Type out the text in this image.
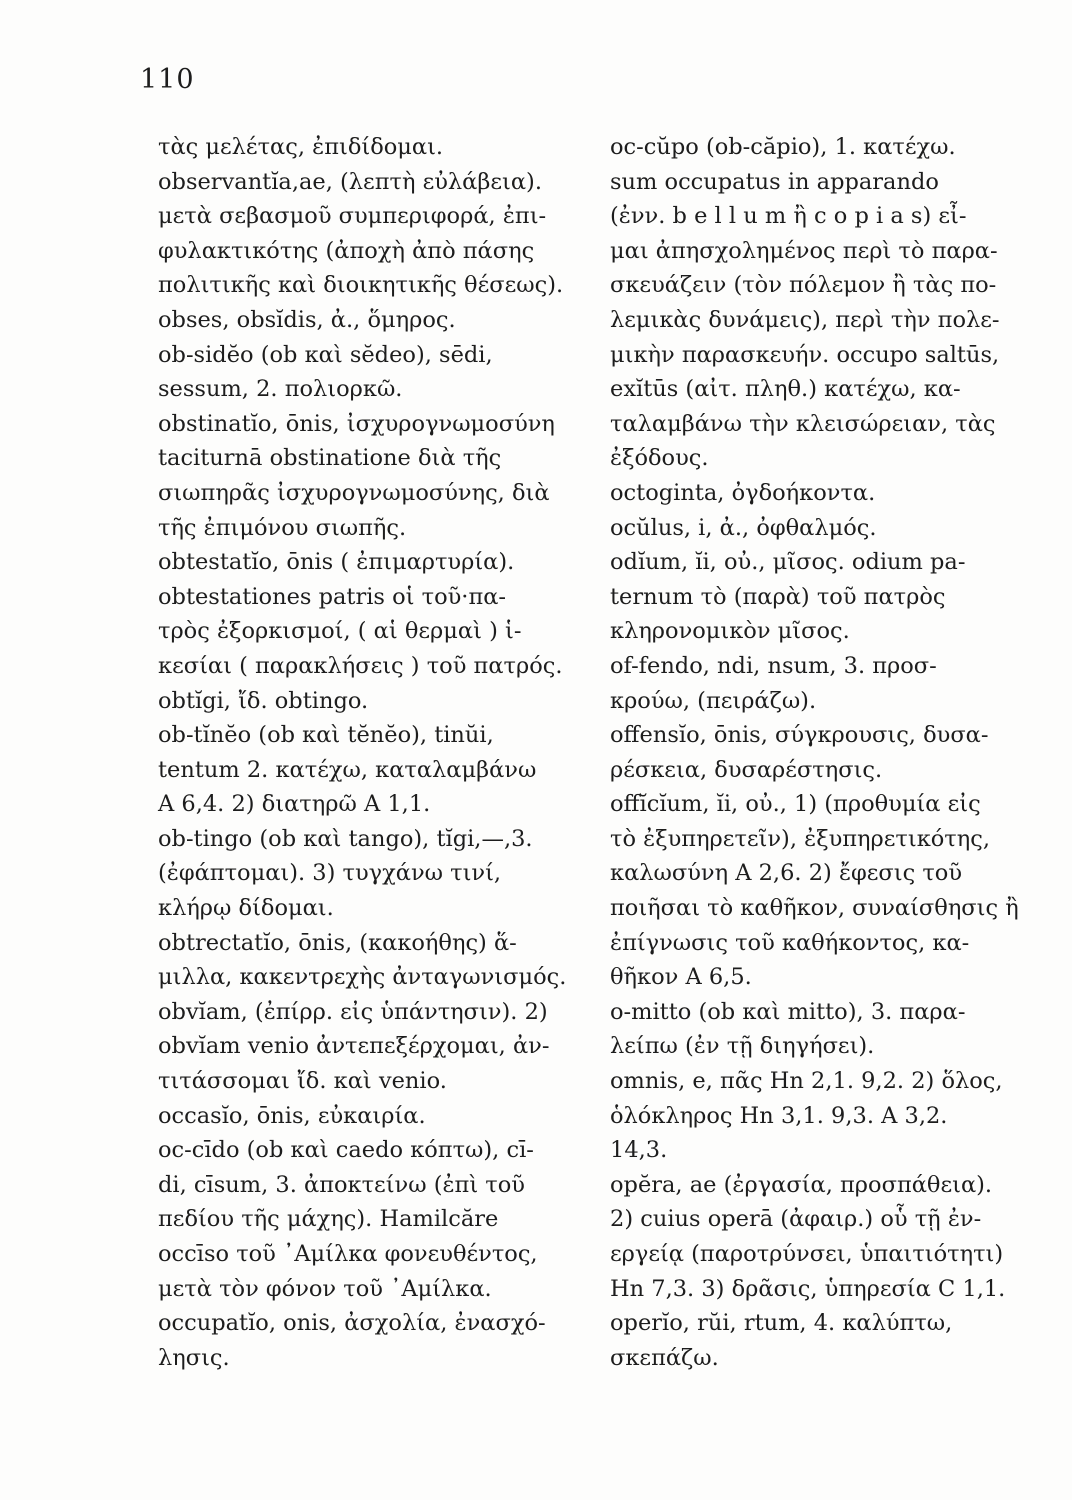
110
τὰς μελέτας, ἐπιδίδομαι.
observantĭa,ae, (λεπτὴ εὐλάβεια).
μετὰ σεβασμοῦ συμπεριφορά, ἐπι-
φυλακτικότης (ἀποχὴ ἀπὸ πάσης
πολιτικῆς καὶ διοικητικῆς θέσεως).
obses, obsĭdis, ἀ., ὅμηρος.
ob-sidĕo (ob καὶ sĕdeo), sēdi,
sessum, 2. πολιορκῶ.
obstinatĭo, ōnis, ἰσχυρογνωμοσύνη
taciturnā obstinatione διὰ τῆς
σιωπηρᾶς ἰσχυρογνωμοσύνης, διὰ
τῆς ἐπιμόνου σιωπῆς.
obtestatĭo, ōnis ( ἐπιμαρτυρία).
obtestationes patris οἱ τοῦ·πα-
τρὸς ἐξορκισμοί, ( αἱ θερμαὶ ) ἱ-
κεσίαι ( παρακλήσεις ) τοῦ πατρός.
obtĭgi, ἴδ. obtingo.
ob-tĭnĕo (ob καὶ tĕnĕo), tinŭi,
tentum 2. κατέχω, καταλαμβάνω
A 6,4. 2) διατηρῶ A 1,1.
ob-tingo (ob καὶ tango), tĭgi,—,3.
(ἐφάπτομαι). 3) τυγχάνω τινί,
κλήρῳ δίδομαι.
obtrectatĭo, ōnis, (κακοήθης) ἅ-
μιλλα, κακεντρεχὴς ἀνταγωνισμός.
obvĭam, (ἐπίρρ. εἰς ὑπάντησιν). 2)
obvĭam venio ἀντεπεξέρχομαι, ἀν-
τιτάσσομαι ἴδ. καὶ venio.
occasĭo, ōnis, εὐκαιρία.
oc-cīdo (ob καὶ caedo κόπτω), cī-
di, cīsum, 3. ἀποκτείνω (ἐπὶ τοῦ
πεδίου τῆς μάχης). Hamilcăre
occīso τοῦ ᾿Αμίλκα φονευθέντος,
μετὰ τὸν φόνον τοῦ ᾿Αμίλκα.
occupatĭo, onis, ἀσχολία, ἐνασχό-
λησις.
oc-cŭpo (ob-căpio), 1. κατέχω.
sum occupatus in apparando
(ἐνν. b e l l u m ἢ c o p i a s) εἶ-
μαι ἀπησχολημένος περὶ τὸ παρα-
σκευάζειν (τὸν πόλεμον ἢ τὰς πο-
λεμικὰς δυνάμεις), περὶ τὴν πολε-
μικὴν παρασκευήν. occupo saltūs,
exĭtūs (αἰτ. πληθ.) κατέχω, κα-
ταλαμβάνω τὴν κλεισώρειαν, τὰς
ἐξόδους.
octoginta, ὀγδοήκοντα.
ocŭlus, i, ἀ., ὀφθαλμός.
odĭum, ĭi, οὐ., μῖσος. odium pa-
ternum τὸ (παρὰ) τοῦ πατρὸς
κληρονομικὸν μῖσος.
of-fendo, ndi, nsum, 3. προσ-
κρούω, (πειράζω).
offensĭo, ōnis, σύγκρουσις, δυσα-
ρέσκεια, δυσαρέστησις.
offĭcĭum, ĭi, οὐ., 1) (προθυμία εἰς
τὸ ἐξυπηρετεῖν), ἐξυπηρετικότης,
καλωσύνη A 2,6. 2) ἔφεσις τοῦ
ποιῆσαι τὸ καθῆκον, συναίσθησις ἢ
ἐπίγνωσις τοῦ καθήκοντος, κα-
θῆκον A 6,5.
o-mitto (ob καὶ mitto), 3. παρα-
λείπω (ἐν τῇ διηγήσει).
omnis, e, πᾶς Hn 2,1. 9,2. 2) ὅλος,
ὁλόκληρος Hn 3,1. 9,3. A 3,2.
14,3.
opĕra, ae (ἐργασία, προσπάθεια).
2) cuius operā (ἀφαιρ.) οὗ τῇ ἐν-
εργείᾳ (παροτρύνσει, ὑπαιτιότητι)
Hn 7,3. 3) δρᾶσις, ὑπηρεσία C 1,1.
operĭo, rŭi, rtum, 4. καλύπτω,
σκεπάζω.
